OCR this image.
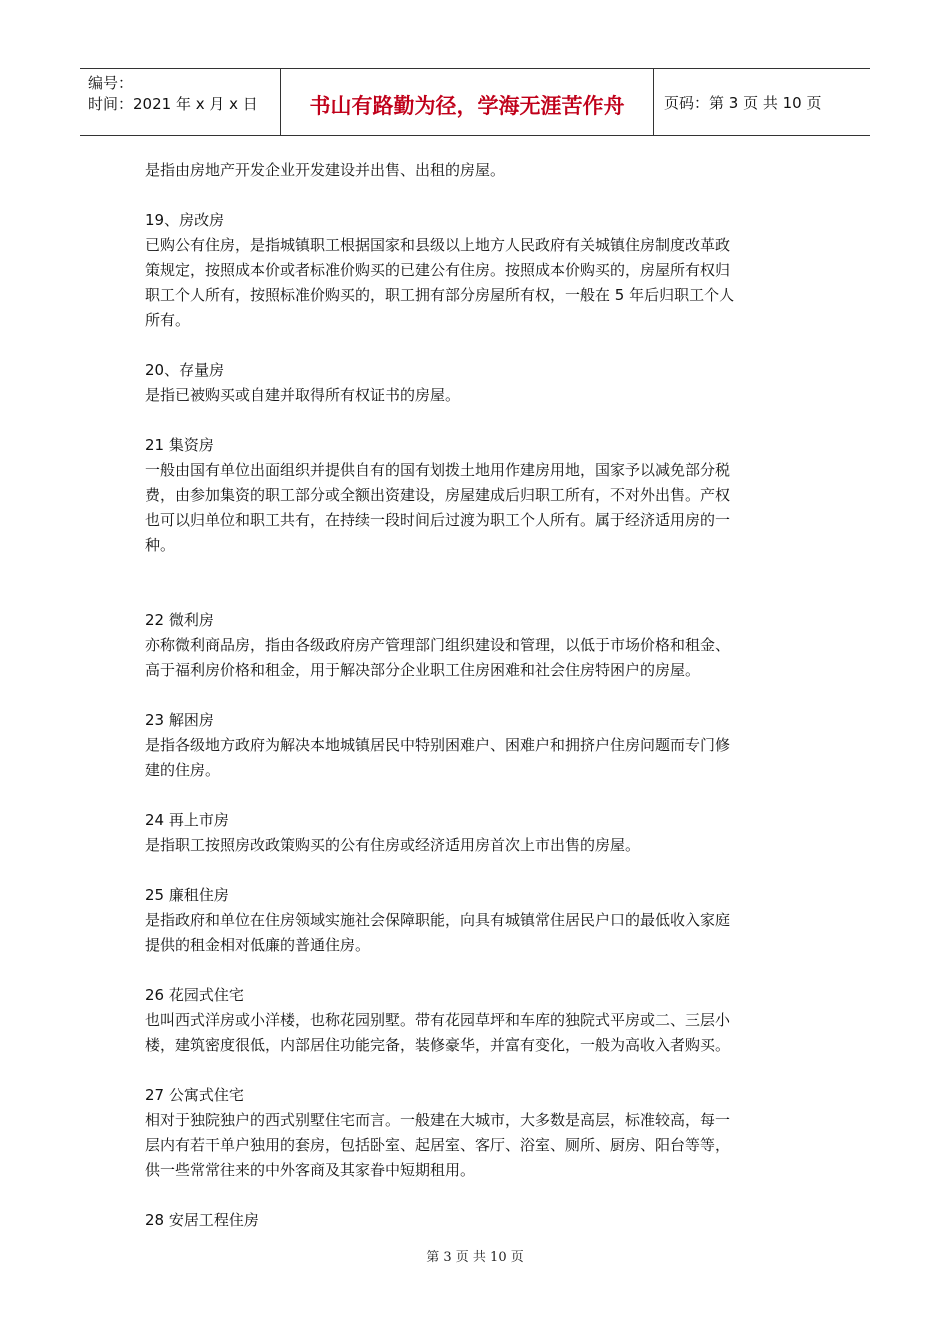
编号：
时间：2021 年 x 月 x 日	书山有路勤为径，学海无涯苦作舟	页码：第 3 页 共 10 页

是指由房地产开发企业开发建设并出售、出租的房屋。

19、房改房

已购公有住房，是指城镇职工根据国家和县级以上地方人民政府有关城镇住房制度改革政

策规定，按照成本价或者标准价购买的已建公有住房。按照成本价购买的，房屋所有权归

职工个人所有，按照标准价购买的，职工拥有部分房屋所有权，一般在 5 年后归职工个人

所有。

20、存量房

是指已被购买或自建并取得所有权证书的房屋。

21 集资房

一般由国有单位出面组织并提供自有的国有划拨土地用作建房用地，国家予以减免部分税

费，由参加集资的职工部分或全额出资建设，房屋建成后归职工所有，不对外出售。产权

也可以归单位和职工共有，在持续一段时间后过渡为职工个人所有。属于经济适用房的一

种。

22 微利房

亦称微利商品房，指由各级政府房产管理部门组织建设和管理，以低于市场价格和租金、

高于福利房价格和租金，用于解决部分企业职工住房困难和社会住房特困户的房屋。

23 解困房

是指各级地方政府为解决本地城镇居民中特别困难户、困难户和拥挤户住房问题而专门修

建的住房。

24 再上市房

是指职工按照房改政策购买的公有住房或经济适用房首次上市出售的房屋。

25 廉租住房

是指政府和单位在住房领域实施社会保障职能，向具有城镇常住居民户口的最低收入家庭

提供的租金相对低廉的普通住房。

26 花园式住宅

也叫西式洋房或小洋楼，也称花园别墅。带有花园草坪和车库的独院式平房或二、三层小

楼，建筑密度很低，内部居住功能完备，装修豪华，并富有变化，一般为高收入者购买。

27 公寓式住宅

相对于独院独户的西式别墅住宅而言。一般建在大城市，大多数是高层，标准较高，每一

层内有若干单户独用的套房，包括卧室、起居室、客厅、浴室、厕所、厨房、阳台等等，

供一些常常往来的中外客商及其家眷中短期租用。

28 安居工程住房

第 3 页 共 10 页
